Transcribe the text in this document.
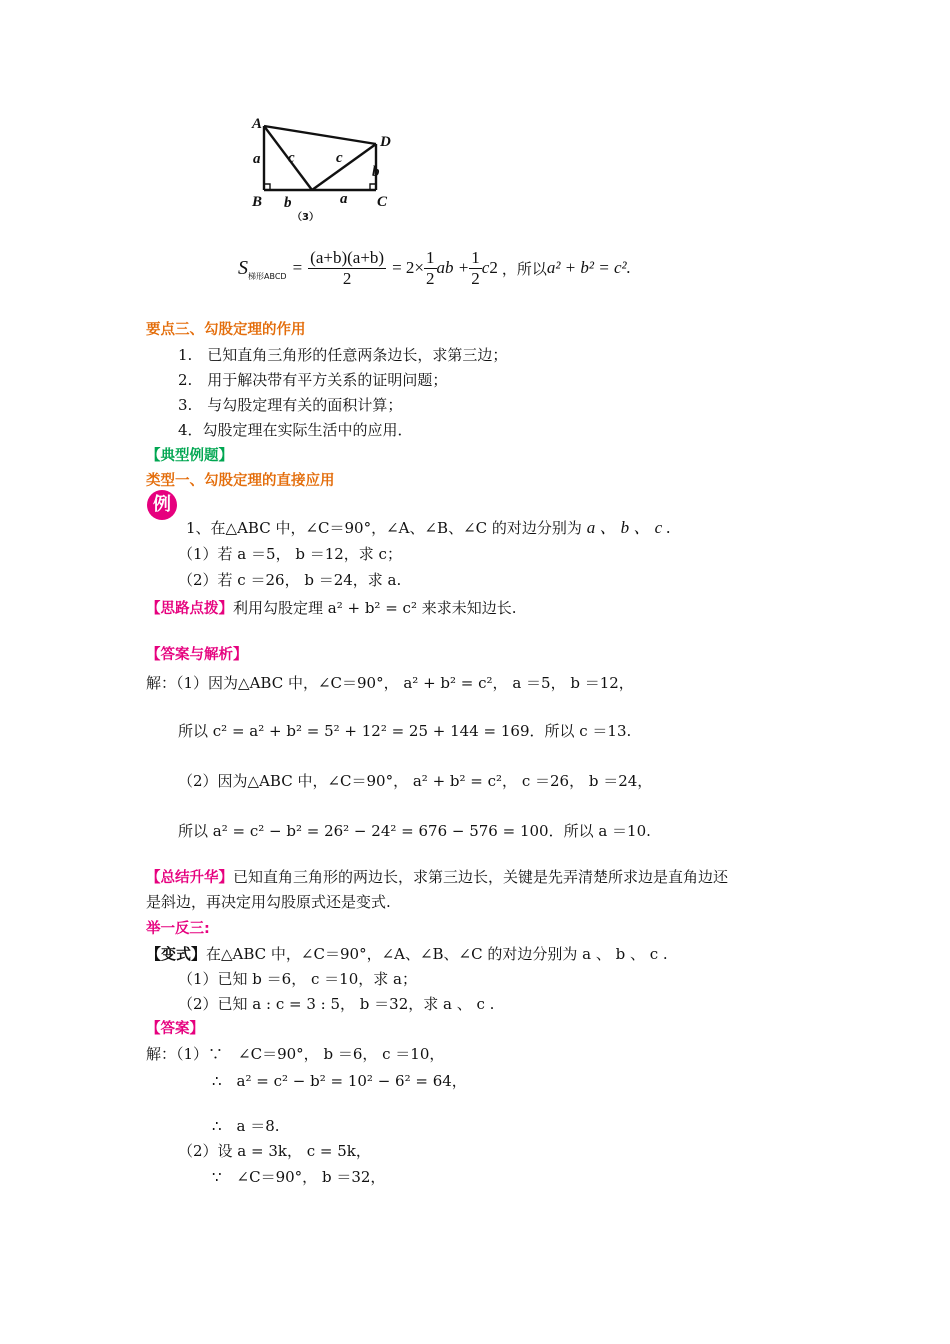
A
D
B	C
a c	c
b
b	a
（3）
S 梯形ABCD = $\frac{(a+b)(a+b)}{2} = 2\times \frac{1}{2}$ ab + $\frac{1}{2}$ c 2 ，所以 a² + b² = c².
要点三、勾股定理的作用
1.　已知直角三角形的任意两条边长，求第三边；
2.　用于解决带有平方关系的证明问题；
3.　与勾股定理有关的面积计算；
4．勾股定理在实际生活中的应用．
【典型例题】
类型一、勾股定理的直接应用
例
1、在△ABC 中，∠C＝90°，∠A、∠B、∠C 的对边分别为 a 、 b 、 c .
（1）若 a ＝5， b ＝12，求 c；
（2）若 c ＝26， b ＝24，求 a.
【思路点拨】利用勾股定理 a² + b² = c² 来求未知边长.
【答案与解析】
解：（1）因为△ABC 中，∠C＝90°， a² + b² = c²， a ＝5， b ＝12，
所以 c² = a² + b² = 5² + 12² = 25 + 144 = 169．所以 c ＝13.
（2）因为△ABC 中，∠C＝90°， a² + b² = c²， c ＝26， b ＝24，
所以 a² = c² − b² = 26² − 24² = 676 − 576 = 100．所以 a ＝10.
【总结升华】已知直角三角形的两边长，求第三边长，关键是先弄清楚所求边是直角边还
是斜边，再决定用勾股原式还是变式.
举一反三:
【变式】在△ABC 中，∠C＝90°，∠A、∠B、∠C 的对边分别为 a 、 b 、 c .
（1）已知 b ＝6， c ＝10，求 a；
（2）已知 a : c = 3 : 5， b ＝32，求 a 、 c .
【答案】
解：（1）∵　∠C＝90°， b ＝6， c ＝10，
∴　a² = c² − b² = 10² − 6² = 64，
∴　a ＝8.
（2）设 a = 3k， c = 5k，
∵　∠C＝90°， b ＝32，
